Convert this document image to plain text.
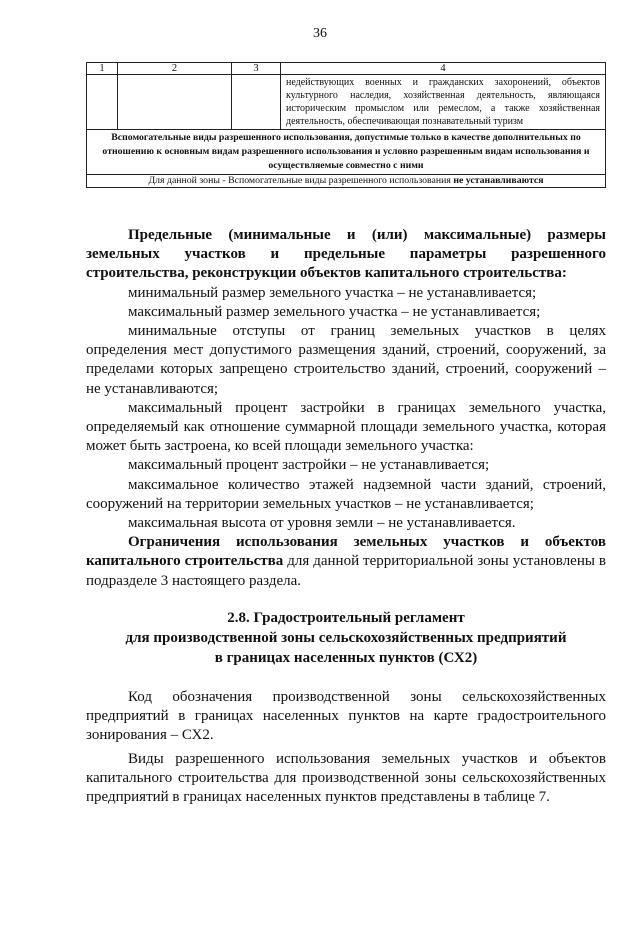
36
1	2	3	4
			недействующих военных и гражданских захоронений, объектов культурного наследия, хозяйственная деятельность, являющаяся историческим промыслом или ремеслом, а также хозяйственная деятельность, обеспечивающая познавательный туризм
Вспомогательные виды разрешенного использования, допустимые только в качестве дополнительных по отношению к основным видам разрешенного использования и условно разрешенным видам использования и осуществляемые совместно с ними			
Для данной зоны - Вспомогательные виды разрешенного использования не устанавливаются			

Предельные (минимальные и (или) максимальные) размеры земельных участков и предельные параметры разрешенного строительства, реконструкции объектов капитального строительства:

минимальный размер земельного участка – не устанавливается;

максимальный размер земельного участка – не устанавливается;

минимальные отступы от границ земельных участков в целях определения мест допустимого размещения зданий, строений, сооружений, за пределами которых запрещено строительство зданий, строений, сооружений – не устанавливаются;

максимальный процент застройки в границах земельного участка, определяемый как отношение суммарной площади земельного участка, которая может быть застроена, ко всей площади земельного участка:

максимальный процент застройки – не устанавливается;

максимальное количество этажей надземной части зданий, строений, сооружений на территории земельных участков – не устанавливается;

максимальная высота от уровня земли – не устанавливается.

Ограничения использования земельных участков и объектов капитального строительства для данной территориальной зоны установлены в подразделе 3 настоящего раздела.

2.8. Градостроительный регламент
для производственной зоны сельскохозяйственных предприятий
в границах населенных пунктов (СХ2)

Код обозначения производственной зоны сельскохозяйственных предприятий в границах населенных пунктов на карте градостроительного зонирования – СХ2.

Виды разрешенного использования земельных участков и объектов капитального строительства для производственной зоны сельскохозяйственных предприятий в границах населенных пунктов представлены в таблице 7.
